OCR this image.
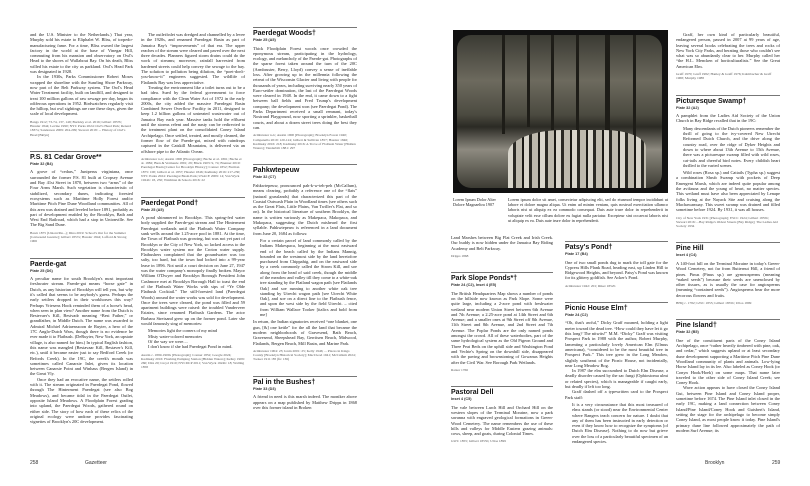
and the U.S. Minister to the Netherlands.) That year, Murphy sold his estate to Eliphalet W. Bliss, of torpedo-manufacturing fame. For a time, Bliss owned the largest factory in the world at the base of Vinegar Hill, commuting from his mansion and observatory on Owl's Head to the shores of Wallabout Bay. On his death, Bliss willed his estate to the city as parkland. Owl's Head Park was designated in 1928.

In the 1930s, Parks Commissioner Robert Moses wrapped the shoreline with the Sunrling Shore Parkway, now part of the Belt Parkway system. The Owl's Head Water Treatment facility, built on landfill, and designed to treat 100 million gallons of raw sewage per day, began its odiferous operations in 1952. Birdwatchers regularly visit the hilltop, but owl sightings are rare these days, given the scale of local development.

Bangs 1912; 73-74, 137, 149; Buckley et al. 2016; Gilbert 1857b; Hassler 1844; Levine 1990; NYC Parks 2024: Owl's Head Park; Renard 1837a; Sanderson 2009: 204-209; Stewart 2018: ... History of Owl's Head [Bklyn]
P.S. 81 Cedar Grove**
Plate 32 (B4)

A grove of “cedars,” Juniperus virginiana, once surrounded the former P.S. 81 built at Cropsey Avenue and Bay 41st Street in 1870, between two “arms” of the Four Arms Marsh. Such vegetation is characteristic of stabilized, secondary dunes, indicating forested ecosystems such as Maritime Holly Forest and/or Maritime Pitch Pine Dune Woodland communities. All of this area was drained and leveled before 1891, probably as part of development enabled by the Brooklyn, Bath and West End Railroad, which had a stop in Unionville. See The Big Sand Dune.

Bawn 1875 (Unionville...); Dina 2019: School's Out for the Summer [Gravesend Gazette]; Gilbert 1857a; Hassler 1844; Lafford & Strong 1906
Paerde-gat
Plate 25 (D6)

A peculiar name for south Brooklyn's most important freshwater stream. Paerde-gat means “horse gate” in Dutch, as any historian of Brooklyn will tell you, but why it's called that seems to be anybody's guess. Perhaps the early settlers dropped in their workhorses this way? Perhaps Vriesens Hook reminded them of a horse's head, when seen in plan view? Another name from the Dutch is Bestevaer's Kill, Bestvadr meaning “Best Father,” or grandfather, in Middle Dutch. The name was awarded to Admiral Michiel Adriaenszoon de Ruyter, a hero of the 17C Anglo-Dutch Wars, though there is no evidence he ever made it to Flatbush. (DeRuyter, New York, an upstate village, is also named for him.) In typical English fashion, this name was mangled (Bestavaar Kill, Bestaver's Kill, etc.), until it became easier just to say Bedford Creek (or Befords Creek). In the 19C, the creek's mouth was sometimes called Canarsie Inlet, given its location between Canarsie Point and Winhass (Bergen Island) in the Great Vly.

Once they had an evocative name, the settlers rolled with it. The stream originated in Paerdegat Pond, flowed through The Hinterment Paerdegat (see also Bog Meadows), and became tidal in the Paerdegat Outlet, opposite Island Meadows. A Floodplain Forest grading into upland, the Paerdegat Woods, gathered round on either side. The story of how each of these relics of the original ecology were undone provides fascinating vignettes of Brooklyn's 20C development.

The outlet/inlet was dredged and channelled by a levee in the 1920s, and renamed Paerdegat Basin as part of Jamaica Bay's “improvements” of that era. The upper reaches of the stream were cleared and paved over the next three decades. Planners figured storm drains could do the work of streams; moreover, rainfall harvested from hardened streets could help convey the sewage to the bay. The solution to pollution being dilution, the “poet-don't-you-know-it” engineers suggested. The wildlife of Flatlands Bay was less appreciative.

Treating the environment like a toilet turns out to be a bad idea. Sued by the federal government to force compliance with the Clean Water Act of 1972 in the early 2000s, the city added the massive Paerdegat Basin Combined Sewer Overflow Facility in 2011, designed to keep 1.2 billion gallons of untreated wastewater out of Jamaica Bay each year. Massive tanks hold the effluent until the storms relent and the nasty can be redirected to the treatment plant on the consolidated Coney Island Archipelago. Once settled, treated, and mostly cleaned, the former flow of the Paerde-gat, mixed with raindrops captured in the Catskill Mountains, is delivered via an offshore pipe to the Atlantic Ocean.

Armbruster n.d.; Austin 1900 [Photograph]; Bache et al. 1861; Bache et al. 1882; Bien & Vermeule 1891; 29; Black 1903: 9, 74; Brenner 2019: Paerdegat Basin [Center for Brooklyn History]; Conner 1852; Furman 1875: 100; Gilbert et al. 1857; Hassler 1846; Kadinsky 2016: 217-230; NYC Parks 2024: Paerdegat Basin Park; USACE 2009: 14; Van Wyck 1924b: 18, 250; Waldman & Sokolo 2016: 22
Paerdegat Pond†
Plate 25 (A5)

A pond shimmered in Brooklyn. This spring-fed water body supplied the Paerde-gat stream and The Hinterment Paerdegat wetlands until the Flatbush Water Company sank wells around the 1.25-acre pool in 1881. At the time, the Town of Flatbush was growing, but was not yet part of Brooklyn or the City of New York, so lacked access to the Brooklyn water system nor the Croton water supply. Flatbushers complained that the groundwater was too salty, too hard, but the town had locked into a 99-year lease in 1896. Not until a court decision on June 27, 1947 was the water company's monopoly finally broken. Mayor William O'Dwyer and Brooklyn Borough President John Cashmore met at Brooklyn Borough Hall to toast the end of the Flatbush Water Works with sips of “Ye Olde Flatbush Cocktail.” The still-forested land (Paerdegat Woods) around the water works was sold for development. Once the trees were cleared, the pond was filled and 59 apartment buildings were raised: the troubled Vanderveer Estates, since renamed Flatbush Gardens. The actor Barbara Streisand grew up on the former pond. Later she would famously sing of memories:

Memories light the corners of my mind
Misty water-colored memories
Of the way we were....
I don't know if she had Paerdegat Pond in mind.
Austin c. 1899-1900s [Photograph]; Conner 1852; Google 2024; Kadinsky 2016: Flushing Pumping Station [Hidden Waters]; Kelley 1909: 260; Ditz 20; Lloyd 1910; NYCDCP 2011; Van Wyck 1924b: 18; Walling 1858
Paerdegat Woods†
Plate 25 (A5)

Thick Floodplain Forest woods once crowded the eponymous stream, participating in the hydrology, ecology, and melancholy of the Paerde-gat. Photographs of the sparse forest taken around the turn of the 20C (Armbruster, Berry, Lloyd) convey a sense of ineffable loss. After growing up in the millennia following the retreat of the Wisconsin Glacier and living with people for thousands of years, including surviving nearly 350 years of Euro-settler domination, the last of the Paerdegat Woods were cleared in 1948. In the end, it came down to a fight between ball fields and Fred Trump's development company; the development won (see Paerdegat Pond). The Parks Department received a small remnant, today's Nostrand Playground, now sporting a sprinkler, basketball courts, and about a dozen street trees doing the best they can.

Armbruster n.d.; Austin 1900 [Photograph]; Brooklyn Forest 1940; Campanella 2019: 120-124; Gilbert & Sullivan 1857; Hassler 1846; Kadinsky 2016: 218; Kadinsky 2016: A Trove of Flatbush Water [Hidden Waters]; Vanderbilt 1881: 297
Pahkwtepeuw
Plate 32 (C7)

Pahkwtepeuw, pronounced pah-k-w-teh-peh (McCallum), means clearing, probably a reference one of the “flats” (natural grasslands) that characterized this part of the Coastal Outwash Plain in Woodland times (see others such as the Great Flats, Little Plains, Van Twiller's Flat, and so on). In the historical literature of southern Brooklyn, the name is written variously as Makepaca, Makopaca, and Makopaca, suggesting the Dutch misheard the first syllable. Pahkwtepeuw is referenced in a land document from June 20, 1684 as follows:

For a certain parcel of land commonly called by the Indians Makespaca, beginning at the most eastward end of the beach called by the Indians Mannig, bounded on the westmost side by the land heretofore purchased from Chippahig, and on the eastward side by a creek commonly called the Strom Kill, and soe along from the head of said creek, though the middle of the meadow and valley till they come to a white-oak tree standing by the Flatland wagon path [see Flatlands Oak] and soe running to another white oak tree standing by Utrecht wagon path [see Utrecht White Oak], and soe on a direct line to the Flatbush fence, and upon the west side by the field Utrecht. – cited from William Wallace Tooker [italics and bold from me]

In return, the Indian signatories received “one blanket, one gun, [&] one kettle” for the all the land that became the modern neighborhoods of Gravesend, Bath Beach, Gravesend, Sheepshead Bay, Gerritsen Beach, Midwood, Flatlands, Bergen Beach, Mill Basin, and Marine Park.

Armbruster 1904: 23; Ionin 2001: 25; Kelly 1946; ... Places in Kings County [Brooklyn Historical Society]; MacCleod 1941; McCallum 2024; Tooker 1911: 88 (fn: 136)
Pal in the Bushes†
Plate 33 (D3)

A friend in need is this marsh indeed. The moniker above appears on a map published by Matthew Dripps in 1868 over this former island in Broken

Lorem Ipsum Dolor Alter Dolore Magnaeltra 1907
Lorem ipsum dolor sit amet, consectetur adipiscing elit, sed do eiusmod tempor incididunt ut labore et dolore magna aliqua. Ut enim ad minim veniam, quis nostrud exercitation ullamco laboris nisi ut aliquip ex ea commodo consequat. Duis aute irure dolor in reprehenderit in voluptate velit esse cillum dolore eu fugiat nulla pariatur. Excepteur sint occaecat laboris nisi ut aliquip ex ea. Duis aute irure dolor in reprehenderit.

Land Marshes between Big Flat Creek and Irish Creek. Our buddy is now hidden under the Jamaica Bay Riding Academy and Belt Parkway.

Dripps 1868
Park Slope Ponds*†
Plate 24 (C2), Inset 4 (E5)

The British Headquarters Map shows a number of ponds on the hillside now known as Park Slope. Some were quite large, including a 2-acre pond with freshwater wetland near modern Union Street between 6th Avenue and 7th Avenue; a 2.25-acre pond at 14th Street and 6th Avenue; and a smaller ones at 9th Street off 8th Avenue, 11th Street and 8th Avenue, and 2nd Street and 7th Avenue. The Poplar Ponds are the only named ponds amongst the crowd. All of these waterbodies, part of the same hydrological system as the Old Pigeon Ground and Three Peat Beds on the uphill side and Washington Pond and Vechte's Spring on the downhill side, disappeared with the paving and brownstoning of Gowanus Heights after the Civil War. See Borough Park Wetlands.

Ratzer 1766
Pastoral Dell
Inset 4 (C5)

The vale between Larch Hill and Orchard Hill on the western slopes of the Terminal Moraine, now a park savanna with engraved geological formations in Green-Wood Cemetery. The name remembers the use of these hills and valleys for Middle Eastern grazing animals: cows, sheep, and goats, during Colonial Times.

GWC 1855; Gilbert 1855b; Ulloa 1899
Patsy's Pond†
Plate 17 (B4)

One of two small ponds dug to mark the toll gate for the Cypress Hills Plank Road, heading east, up Linden Hill to Ridgewood Heights, and beyond. Patsy's Pond was known for its glittery goldfish. See Acker's Pond.

Armbruster 1942: 201; Riker 1852b
Picnic House Elm†
Plate 24 (C2)

“Oh, that's awful,” Dicky Graff moaned, holding a light meter toward the dead tree. “How could they have let it go this long? The nitwits!” M.M. “Dicky” Graff was visiting Prospect Park in 1988 with the author, Robert Murphy, lamenting a particularly lovely American Elm (Ulmus americana), “considered to be the most beautiful tree in Prospect Park.” This tree grew in the Long Meadow, slightly southeast of the Picnic House, not incidentally, near Long Meadow Bog.

In 1987 the elm succumbed to Dutch Elm Disease, a deadly disorder caused by the sac fungi (Ophiostoma ulmi or related species), which is manageable if caught early, but deadly if left too long.

Graff dashed off a typewritten card to the Prospect Park staff:

It is a very circumstance that this most treasured of elms stands (or stood) near the Environmental Center where Rangers teach concern for nature. I doubt that any of them has been instructed in early detection or even if they know how to recognize the symptoms [of Dutch Elm Disease]. Nothing to do now but grieve over the loss of a particularly beautiful specimen of an endangered species.

Graff, her own kind of particularly beautiful, endangered person, passed in 2007 at 99 years of age, leaving several books celebrating the trees and rocks of New York City Parks, and berating those who couldn't see what was so abundantly clear to her. Murphy called her “the H.L. Mencken of horticulturalists.” See the Great American Elm.

Graff 1970; Graff 1982; Hanley & Graff 1976; Kalmbacher & Graff 1968; Murphy 1988
Picturesque Swamp†
Plate 32 (A2)

A pamphlet from the Ladies Aid Society of the Union Church in Bay Ridge recalled that in the 19C:

Many descendants of the Dutch pioneers remember the thrill of going to the ivy-covered New Utrecht Reformed Dutch Church, and the drive along the country road, over the ridge of Dyker Heights and down to where about 13th Avenue to 15th Avenue, there was a picturesque swamp filled with wild roses, cat-tails and cheerful bird notes. Every childish heart thrilled to the varied scenes.

Wild roses (Rosa sp.) and Cattails (Typha sp.) suggest a combination Shrub Swamp with pockets of Deep Emergent Marsh, which are indeed quite popular among the avifauna and the young of heart, no matter species. This wetland must have also been appreciated by Lenape folks living at the Nayack Site and cruising along the Machawamuay. This sweet swamp was drained and filled sometime before 1924. By 1931, it was all houses.

City of New York 1931 [Photograph]; ESCC 1924; Gilbert 1855b; Stewart 2016: ...Bay Ridge's Oldest Streets [Bay Ridge]; The Ladies Aid Society 1934
Pine Hill
Inset 4 (C4)

A 140-foot hill on the Terminal Moraine in today's Green-Wood Cemetery, not far from Butternut Hill, a friend of pines. Pinus (Pinus sp.) are gymnosperms (meaning “naked seeds”) because their seeds are unenclosed by other tissues, as is usually the case for angiosperms (meaning “contained seeds”). Angiosperms bear the more decorous flowers and fruits.

BHQ c. 1782; GWC 1855; Gilbert 1855b; Ulloa 1899
Pine Island†
Plate 32 (B5)

One of the constituent parts of the Coney Island Archipelago, once “rather heavily timbered with pine, oak, and cedar,” which suggests upland or at least secondary dune development supporting a Maritime Pitch Pine Dune Woodland community of plants and animals. Low-lying Horse Island lay in its lee. Also labeled as Coney Hook (or Conyn Hook/Hoek) on some maps. That name later traveled to the other side of Coney Island Creek; see Coney Hook.

Wave action appears to have closed the Coney Island Gut, between Pine Island and Coney Island proper, sometime before 1674. The Pine Island inlet closed in the early 19C, making a land connection between Coney Island/Pine Island/Coney Hook and Guisbert's Island, setting the stage for the archipelago to become simply Coney Island, as most people know it today. Pine Island's primary dune line followed approximately the path of modern Surf Avenue; its

258	Gazetteer	Brooklyn	259
